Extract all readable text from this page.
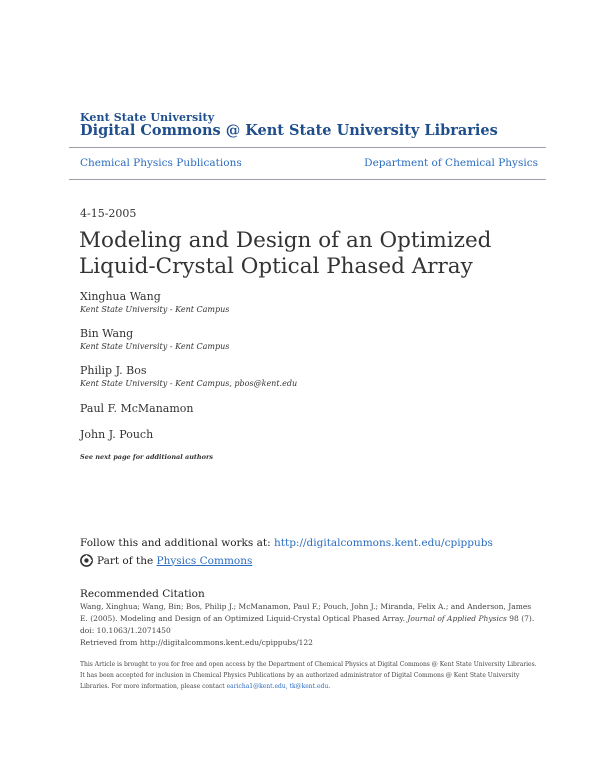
Kent State University
Digital Commons @ Kent State University Libraries
Chemical Physics Publications	Department of Chemical Physics
4-15-2005
Modeling and Design of an Optimized Liquid-Crystal Optical Phased Array
Xinghua Wang
Kent State University - Kent Campus
Bin Wang
Kent State University - Kent Campus
Philip J. Bos
Kent State University - Kent Campus, pbos@kent.edu
Paul F. McManamon
John J. Pouch
See next page for additional authors
Follow this and additional works at: http://digitalcommons.kent.edu/cpippubs
Part of the
Physics Commons
Recommended Citation
Wang, Xinghua; Wang, Bin; Bos, Philip J.; McManamon, Paul F.; Pouch, John J.; Miranda, Felix A.; and Anderson, James E. (2005). Modeling and Design of an Optimized Liquid-Crystal Optical Phased Array. Journal of Applied Physics 98 (7). doi: 10.1063/1.2071450
Retrieved from http://digitalcommons.kent.edu/cpippubs/122
This Article is brought to you for free and open access by the Department of Chemical Physics at Digital Commons @ Kent State University Libraries. It has been accepted for inclusion in Chemical Physics Publications by an authorized administrator of Digital Commons @ Kent State University Libraries. For more information, please contact earicha1@kent.edu, tk@kent.edu.
